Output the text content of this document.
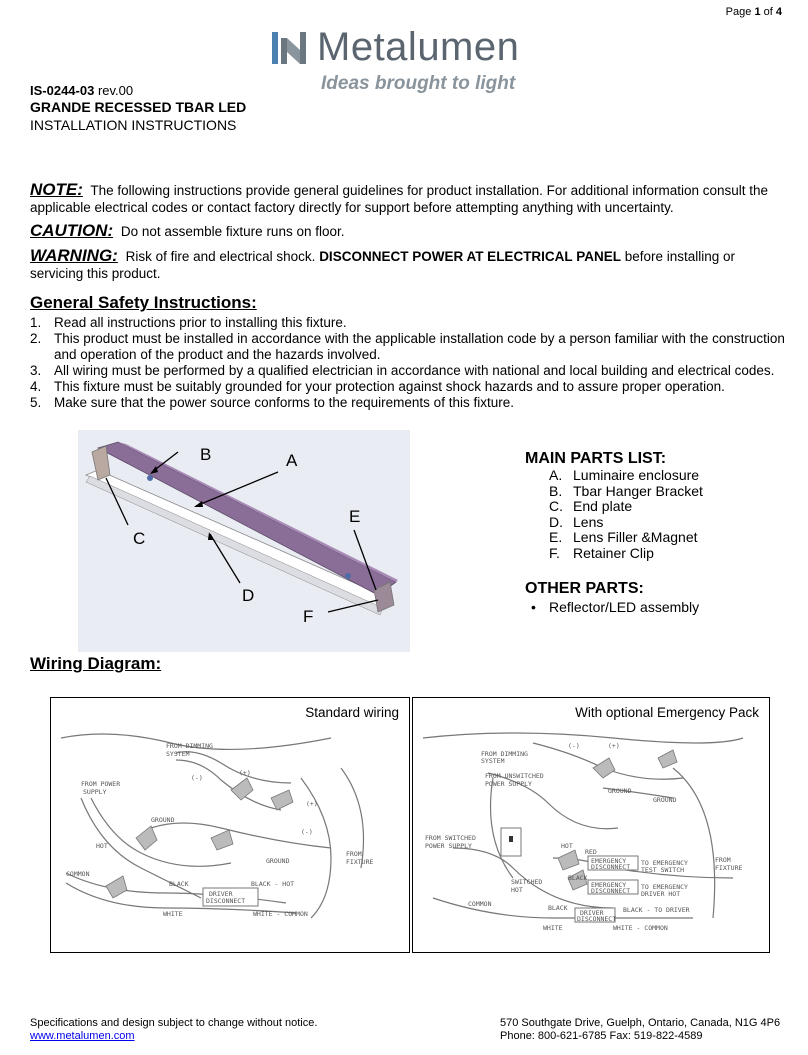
Page 1 of 4
Metalumen
Ideas brought to light
IS-0244-03 rev.00
GRANDE RECESSED TBAR LED
INSTALLATION INSTRUCTIONS
NOTE: The following instructions provide general guidelines for product installation. For additional information consult the applicable electrical codes or contact factory directly for support before attempting anything with uncertainty.
CAUTION: Do not assemble fixture runs on floor.
WARNING: Risk of fire and electrical shock. DISCONNECT POWER AT ELECTRICAL PANEL before installing or servicing this product.
General Safety Instructions:
1. Read all instructions prior to installing this fixture.
2. This product must be installed in accordance with the applicable installation code by a person familiar with the construction and operation of the product and the hazards involved.
3. All wiring must be performed by a qualified electrician in accordance with national and local building and electrical codes.
4. This fixture must be suitably grounded for your protection against shock hazards and to assure proper operation.
5. Make sure that the power source conforms to the requirements of this fixture.
B	A
C
E
D
F
MAIN PARTS LIST:
A. Luminaire enclosure
B. Tbar Hanger Bracket
C. End plate
D. Lens
E. Lens Filler &Magnet
F. Retainer Clip
OTHER PARTS:
• Reflector/LED assembly
Wiring Diagram:
Standard wiring
FROM DIMMING
SYSTEM
(-)
(+)
FROM POWER
SUPPLY
GROUND
(+)
(-)
HOT
GROUND
FROM
FIXTURE
COMMON
BLACK
DRIVER
DISCONNECT
BLACK - HOT
WHITE	WHITE - COMMON
With optional Emergency Pack
FROM DIMMING
SYSTEM
(-)	(+)
FROM UNSWITCHED
POWER SUPPLY
GROUND
GROUND
FROM SWITCHED
POWER SUPPLY	HOT
RED
EMERGENCY
DISCONNECT TO EMERGENCY
TEST SWITCH
FROM
FIXTURE
SWITCHED
HOT
BLACK
EMERGENCY
DISCONNECT TO EMERGENCY
DRIVER HOT
COMMON	BLACK
DRIVER
DISCONNECT
BLACK - TO DRIVER
WHITE	WHITE - COMMON
Specifications and design subject to change without notice.
www.metalumen.com
570 Southgate Drive, Guelph, Ontario, Canada, N1G 4P6
Phone: 800-621-6785 Fax: 519-822-4589
